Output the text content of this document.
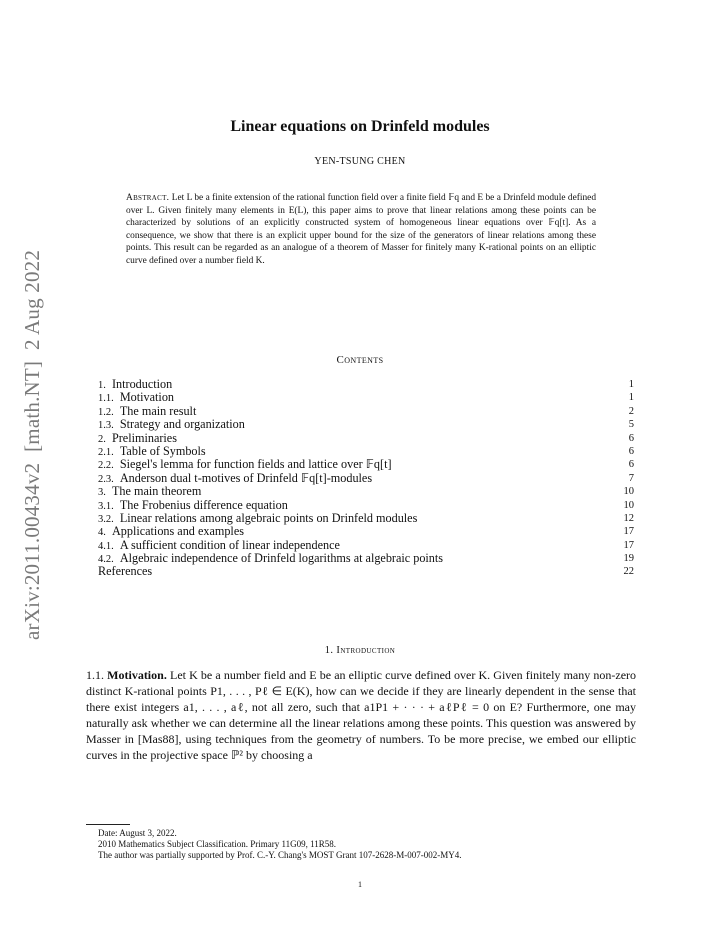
arXiv:2011.00434v2  [math.NT]  2 Aug 2022
Linear equations on Drinfeld modules
YEN-TSUNG CHEN
Abstract. Let L be a finite extension of the rational function field over a finite field 𝔽q and E be a Drinfeld module defined over L. Given finitely many elements in E(L), this paper aims to prove that linear relations among these points can be characterized by solutions of an explicitly constructed system of homogeneous linear equations over 𝔽q[t]. As a consequence, we show that there is an explicit upper bound for the size of the generators of linear relations among these points. This result can be regarded as an analogue of a theorem of Masser for finitely many K-rational points on an elliptic curve defined over a number field K.
Contents
1.  Introduction	1
1.1.  Motivation	1
1.2.  The main result	2
1.3.  Strategy and organization	5
2.  Preliminaries	6
2.1.  Table of Symbols	6
2.2.  Siegel's lemma for function fields and lattice over 𝔽q[t]	6
2.3.  Anderson dual t-motives of Drinfeld 𝔽q[t]-modules	7
3.  The main theorem	10
3.1.  The Frobenius difference equation	10
3.2.  Linear relations among algebraic points on Drinfeld modules	12
4.  Applications and examples	17
4.1.  A sufficient condition of linear independence	17
4.2.  Algebraic independence of Drinfeld logarithms at algebraic points	19
References	22
1. Introduction
1.1. Motivation. Let K be a number field and E be an elliptic curve defined over K. Given finitely many non-zero distinct K-rational points P1, . . . , Pℓ ∈ E(K), how can we decide if they are linearly dependent in the sense that there exist integers a1, . . . , aℓ, not all zero, such that a1P1 + · · · + aℓPℓ = 0 on E? Furthermore, one may naturally ask whether we can determine all the linear relations among these points. This question was answered by Masser in [Mas88], using techniques from the geometry of numbers. To be more precise, we embed our elliptic curves in the projective space ℙ² by choosing a
Date: August 3, 2022.
2010 Mathematics Subject Classification. Primary 11G09, 11R58.
The author was partially supported by Prof. C.-Y. Chang's MOST Grant 107-2628-M-007-002-MY4.
1
